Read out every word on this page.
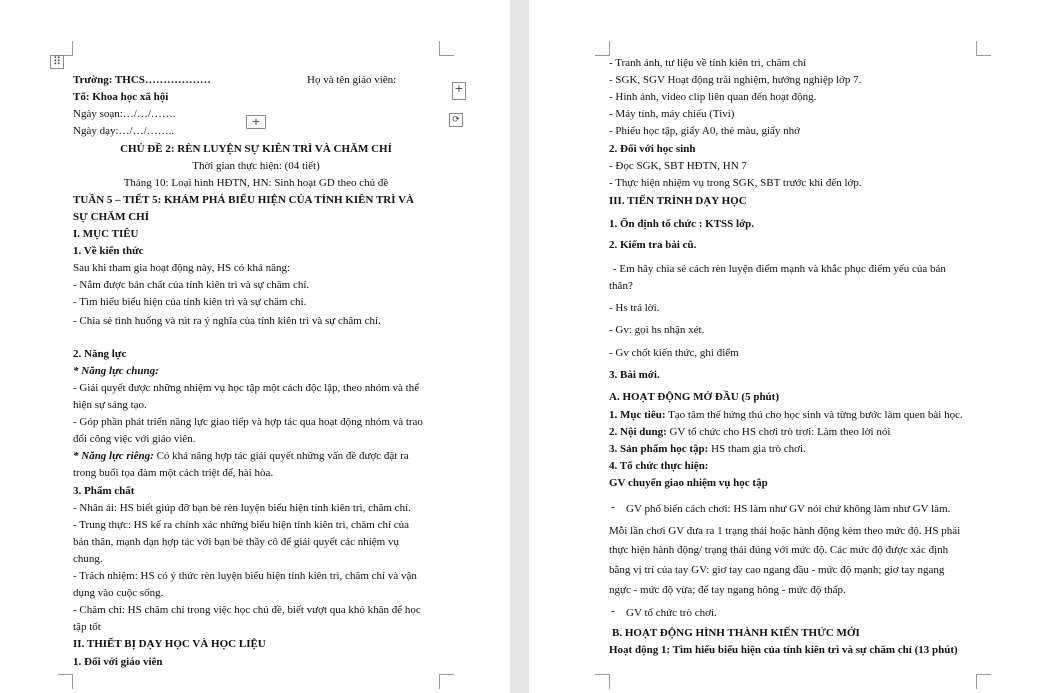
⠿
+
+	⟳
Trường: THCS………………	Họ và tên giáo viên:
Tổ: Khoa học xã hội
Ngày soạn:…/…/…….
Ngày dạy:…/…/……..
CHỦ ĐỀ 2: RÈN LUYỆN SỰ KIÊN TRÌ VÀ CHĂM CHỈ
Thời gian thực hiện: (04 tiết)
Tháng 10: Loại hình HĐTN, HN: Sinh hoạt GD theo chủ đề
TUẦN 5 – TIẾT 5: KHÁM PHÁ BIỂU HIỆN CỦA TÍNH KIÊN TRÌ VÀ
SỰ CHĂM CHỈ
I. MỤC TIÊU
1. Về kiến thức
Sau khi tham gia hoạt động này, HS có khả năng:
- Nắm được bản chất của tính kiên trì và sự chăm chỉ.
- Tìm hiểu biểu hiện của tính kiên trì và sự chăm chỉ.
- Chia sẻ tình huống và rút ra ý nghĩa của tính kiên trì và sự chăm chỉ.
2. Năng lực
* Năng lực chung:
- Giải quyết được những nhiệm vụ học tập một cách độc lập, theo nhóm và thể
hiện sự sáng tạo.
- Góp phần phát triển năng lực giao tiếp và hợp tác qua hoạt động nhóm và trao
đổi công việc với giáo viên.
* Năng lực riêng: Có khả năng hợp tác giải quyết những vấn đề được đặt ra
trong buổi tọa đàm một cách triệt để, hài hòa.
3. Phẩm chất
- Nhân ái: HS biết giúp đỡ bạn bè rèn luyện biểu hiện tính kiên trì, chăm chỉ.
- Trung thực: HS kể ra chính xác những biểu hiện tính kiên trì, chăm chỉ của
bản thân, mạnh dạn hợp tác với bạn bè thầy cô để giải quyết các nhiệm vụ
chung.
- Trách nhiệm: HS có ý thức rèn luyện biểu hiện tính kiên trì, chăm chỉ và vận
dụng vào cuộc sống.
- Chăm chỉ: HS chăm chỉ trong việc học chủ đề, biết vượt qua khó khăn để học
tập tốt
II. THIẾT BỊ DẠY HỌC VÀ HỌC LIỆU
1. Đối với giáo viên
- Tranh ảnh, tư liệu về tính kiên trì, chăm chỉ
- SGK, SGV Hoạt động trải nghiệm, hướng nghiệp lớp 7.
- Hình ảnh, video clip liên quan đến hoạt động.
- Máy tính, máy chiếu (Tivi)
- Phiếu học tập, giấy A0, thẻ màu, giấy nhớ
2. Đối với học sinh
- Đọc SGK, SBT HĐTN, HN 7
- Thực hiện nhiệm vụ trong SGK, SBT trước khi đến lớp.
III. TIẾN TRÌNH DẠY HỌC
1. Ổn định tổ chức : KTSS lớp.
2. Kiểm tra bài cũ.
- Em hãy chia sẻ cách rèn luyện điểm mạnh và khắc phục điểm yếu của bản
thân?
- Hs trả lời.
- Gv: gọi hs nhận xét.
- Gv chốt kiến thức, ghi điểm
3. Bài mới.
A. HOẠT ĐỘNG MỞ ĐẦU (5 phút)
1. Mục tiêu: Tạo tâm thế hứng thú cho học sinh và từng bước làm quen bài học.
2. Nội dung: GV tổ chức cho HS chơi trò trơi: Làm theo lời nói
3. Sản phẩm học tập: HS tham gia trò chơi.
4. Tổ chức thực hiện:
GV chuyển giao nhiệm vụ học tập
- GV phổ biến cách chơi: HS làm như GV nói chứ không làm như GV làm.
Mỗi lần chơi GV đưa ra 1 trạng thái hoặc hành động kèm theo mức độ. HS phải
thực hiện hành động/ trạng thái đúng với mức độ. Các mức độ được xác định
bằng vị trí của tay GV: giơ tay cao ngang đầu - mức độ mạnh; giơ tay ngang
ngực - mức độ vừa; để tay ngang hông - mức độ thấp.
- GV tổ chức trò chơi.
B. HOẠT ĐỘNG HÌNH THÀNH KIẾN THỨC MỚI
Hoạt động 1: Tìm hiểu biểu hiện của tính kiên trì và sự chăm chỉ (13 phút)
